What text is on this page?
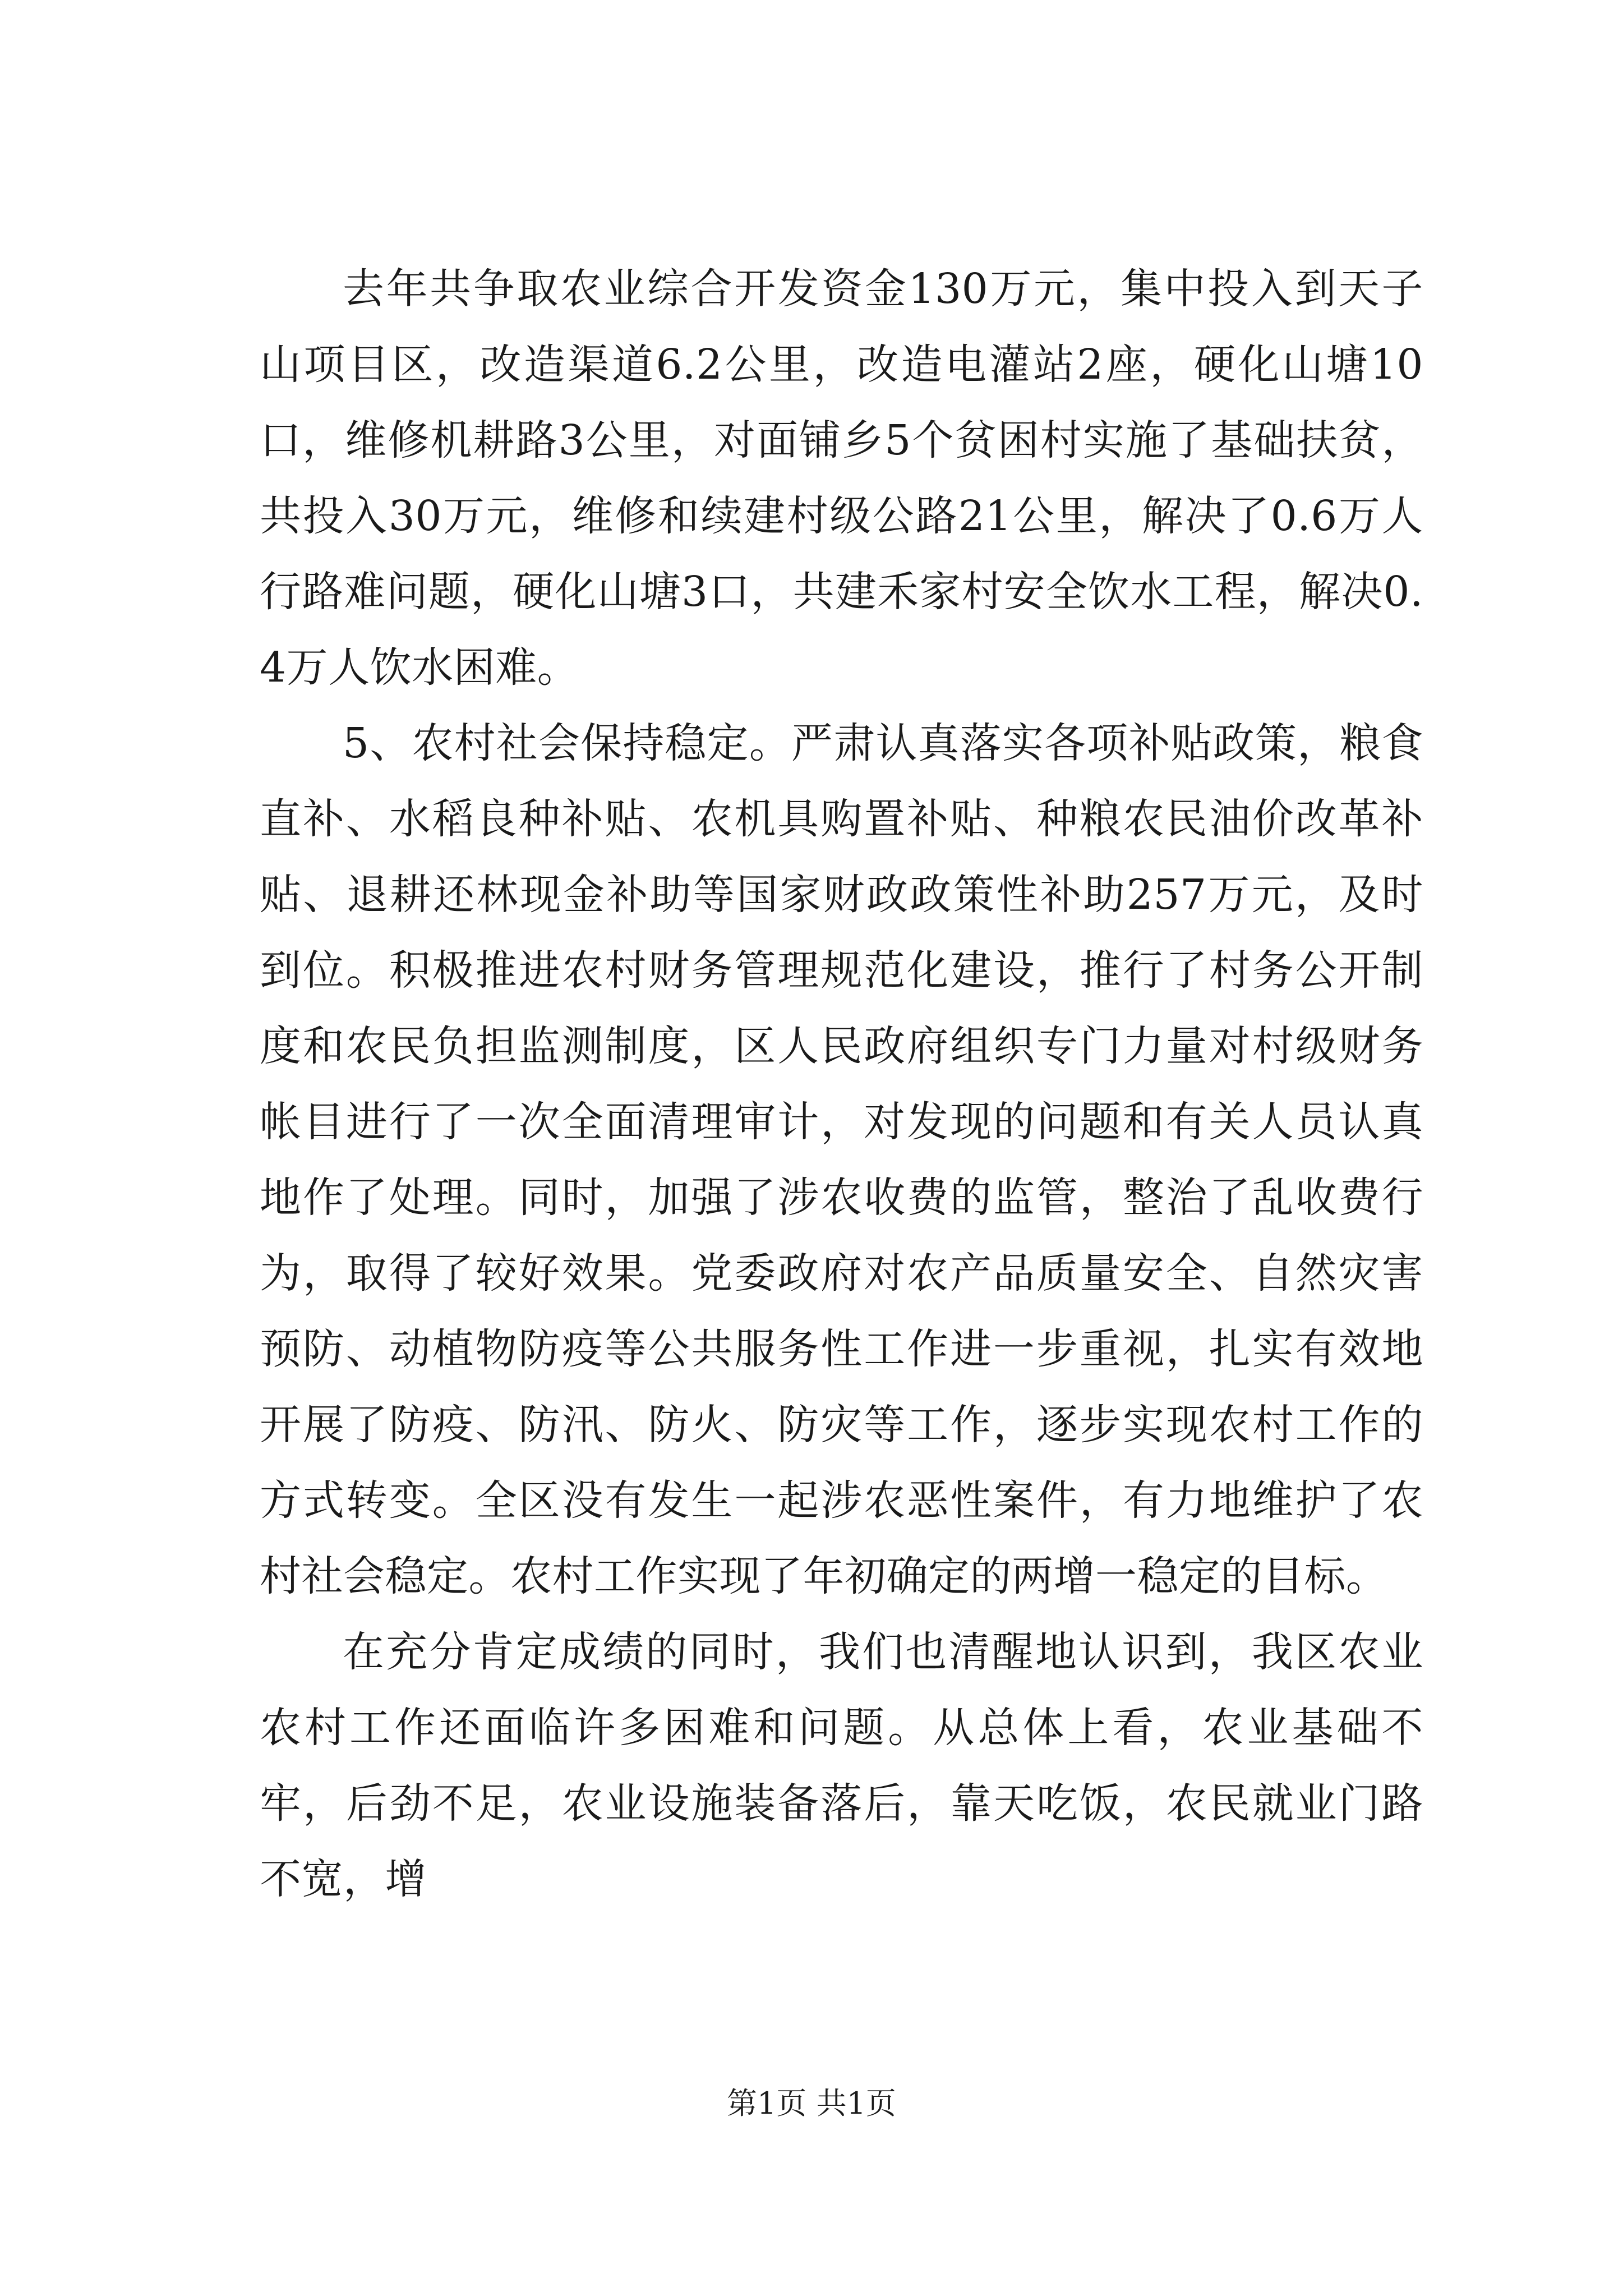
去年共争取农业综合开发资金130万元，集中投入到天子山项目区，改造渠道6.2公里，改造电灌站2座，硬化山塘10口，维修机耕路3公里，对面铺乡5个贫困村实施了基础扶贫，共投入30万元，维修和续建村级公路21公里，解决了0.6万人行路难问题，硬化山塘3口，共建禾家村安全饮水工程，解决0.4万人饮水困难。

5、农村社会保持稳定。严肃认真落实各项补贴政策，粮食直补、水稻良种补贴、农机具购置补贴、种粮农民油价改革补贴、退耕还林现金补助等国家财政政策性补助257万元，及时到位。积极推进农村财务管理规范化建设，推行了村务公开制度和农民负担监测制度，区人民政府组织专门力量对村级财务帐目进行了一次全面清理审计，对发现的问题和有关人员认真地作了处理。同时，加强了涉农收费的监管，整治了乱收费行为，取得了较好效果。党委政府对农产品质量安全、自然灾害预防、动植物防疫等公共服务性工作进一步重视，扎实有效地开展了防疫、防汛、防火、防灾等工作，逐步实现农村工作的方式转变。全区没有发生一起涉农恶性案件，有力地维护了农村社会稳定。农村工作实现了年初确定的两增一稳定的目标。

在充分肯定成绩的同时，我们也清醒地认识到，我区农业农村工作还面临许多困难和问题。从总体上看，农业基础不牢，后劲不足，农业设施装备落后，靠天吃饭，农民就业门路不宽，增

第1页 共1页
